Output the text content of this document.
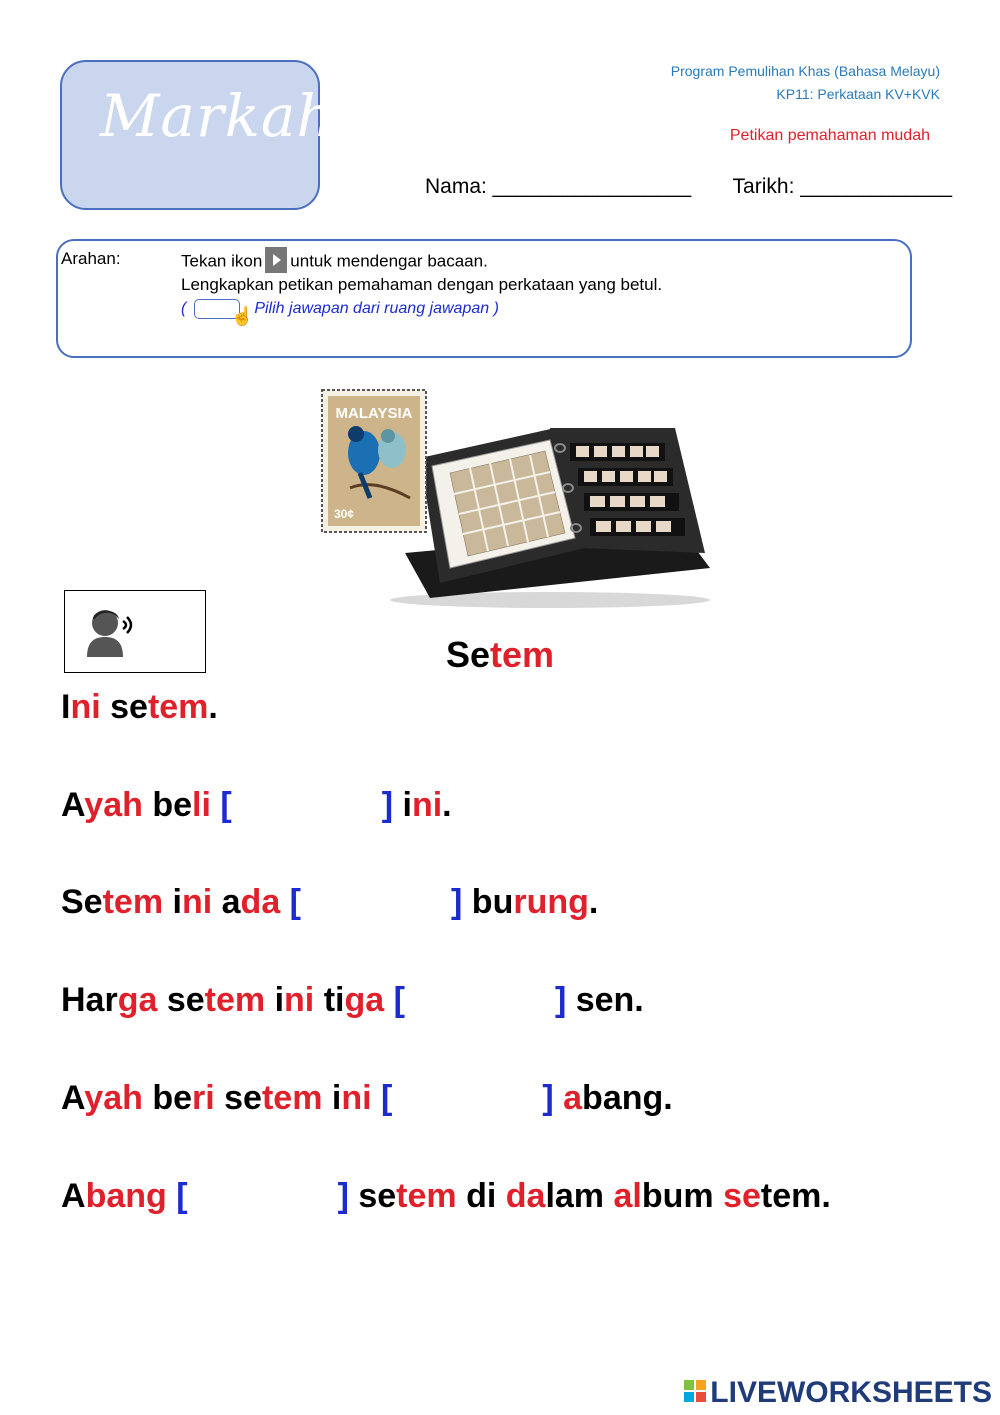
Markah
Program Pemulihan Khas (Bahasa Melayu)
KP11: Perkataan KV+KVK
Petikan pemahaman mudah
Nama: _________________ Tarikh: _____________
Arahan:	Tekan ikon untuk mendengar bacaan.
Lengkapkan petikan pemahaman dengan perkataan yang betul.
(	☝ Pilih jawapan dari ruang jawapan )
MALAYSIA
30¢
Setem
Ini setem.
Ayah beli [	] ini.
Setem ini ada [	] burung.
Harga setem ini tiga [	] sen.
Ayah beri setem ini [	] abang.
Abang [	] setem di dalam album setem.
LIVEWORKSHEETS
